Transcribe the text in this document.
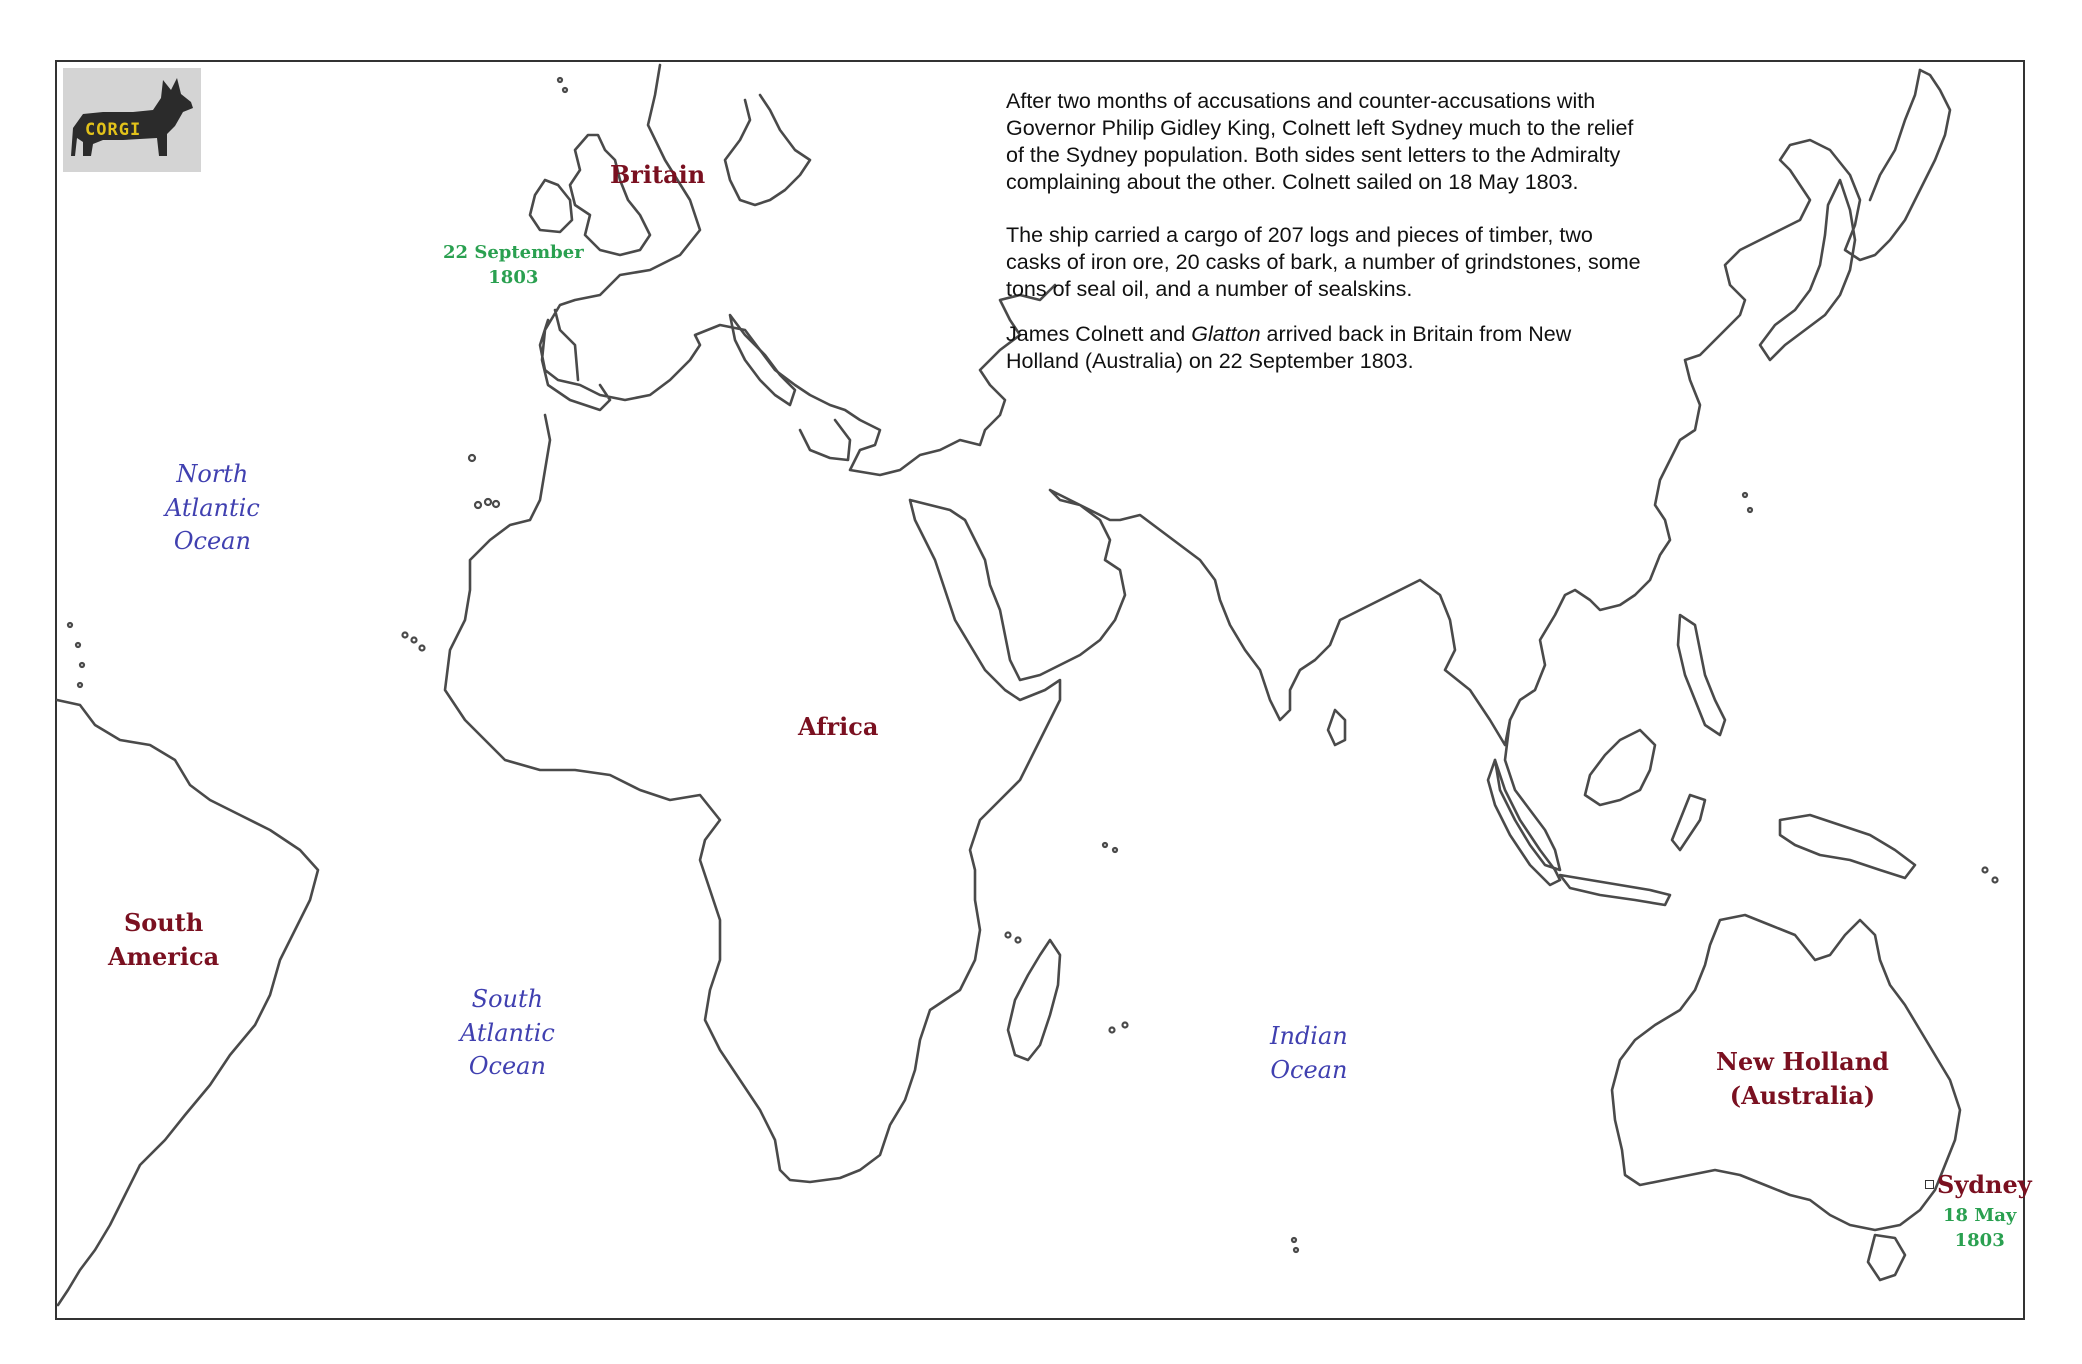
CORGI

After two months of accusations and counter-accusations with Governor Philip Gidley King, Colnett left Sydney much to the relief of the Sydney population. Both sides sent letters to the Admiralty complaining about the other. Colnett sailed on 18 May 1803.

The ship carried a cargo of 207 logs and pieces of timber, two casks of iron ore, 20 casks of bark, a number of grindstones, some tons of seal oil, and a number of sealskins.

James Colnett and Glatton arrived back in Britain from New Holland (Australia) on 22 September 1803.

Britain
Africa
South
America
New Holland
(Australia)
Sydney
North
Atlantic
Ocean
South
Atlantic
Ocean
Indian
Ocean
22 September
1803
18 May
1803
